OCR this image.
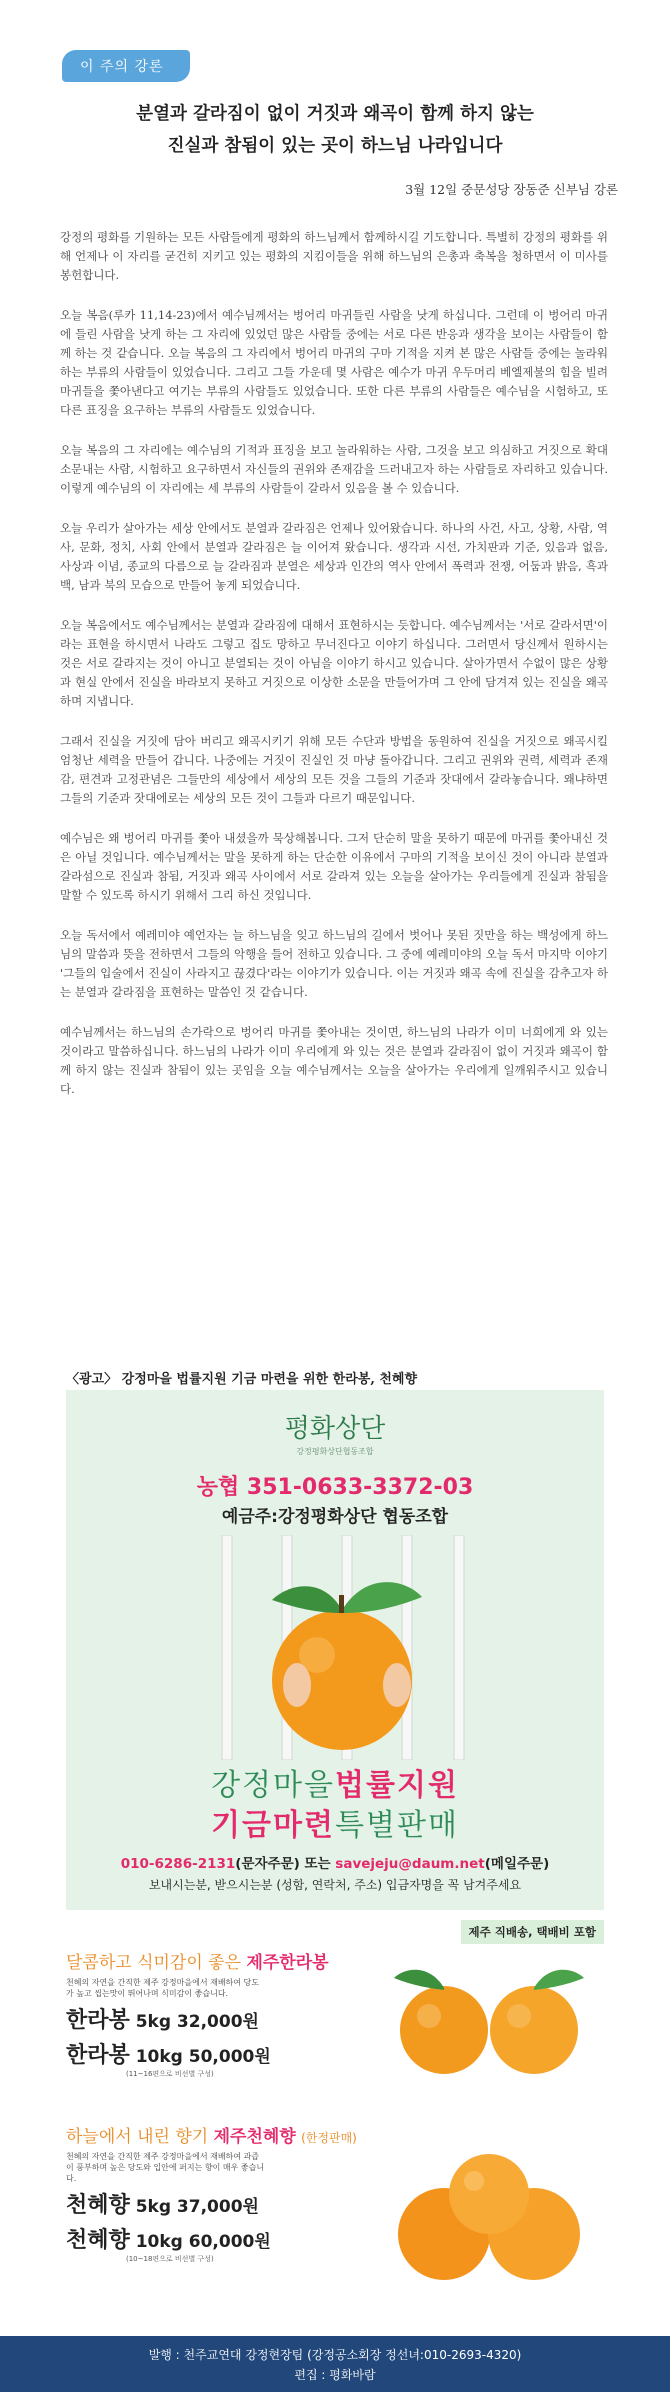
이 주의 강론
분열과 갈라짐이 없이 거짓과 왜곡이 함께 하지 않는
진실과 참됨이 있는 곳이 하느님 나라입니다
3월 12일 중문성당 장동준 신부님 강론

강정의 평화를 기원하는 모든 사람들에게 평화의 하느님께서 함께하시길 기도합니다. 특별히 강정의 평화를 위해 언제나 이 자리를 굳건히 지키고 있는 평화의 지킴이들을 위해 하느님의 은총과 축복을 청하면서 이 미사를 봉헌합니다.

오늘 복음(루카 11,14-23)에서 예수님께서는 벙어리 마귀들린 사람을 낫게 하십니다. 그런데 이 벙어리 마귀에 들린 사람을 낫게 하는 그 자리에 있었던 많은 사람들 중에는 서로 다른 반응과 생각을 보이는 사람들이 함께 하는 것 같습니다. 오늘 복음의 그 자리에서 벙어리 마귀의 구마 기적을 지켜 본 많은 사람들 중에는 놀라워하는 부류의 사람들이 있었습니다. 그리고 그들 가운데 몇 사람은 예수가 마귀 우두머리 베엘제불의 힘을 빌려 마귀들을 쫓아낸다고 여기는 부류의 사람들도 있었습니다. 또한 다른 부류의 사람들은 예수님을 시험하고, 또 다른 표징을 요구하는 부류의 사람들도 있었습니다.

오늘 복음의 그 자리에는 예수님의 기적과 표징을 보고 놀라워하는 사람, 그것을 보고 의심하고 거짓으로 확대 소문내는 사람, 시험하고 요구하면서 자신들의 권위와 존재감을 드러내고자 하는 사람들로 자리하고 있습니다. 이렇게 예수님의 이 자리에는 세 부류의 사람들이 갈라서 있음을 볼 수 있습니다.

오늘 우리가 살아가는 세상 안에서도 분열과 갈라짐은 언제나 있어왔습니다. 하나의 사건, 사고, 상황, 사람, 역사, 문화, 정치, 사회 안에서 분열과 갈라짐은 늘 이어져 왔습니다. 생각과 시선, 가치판과 기준, 있음과 없음, 사상과 이념, 종교의 다름으로 늘 갈라짐과 분열은 세상과 인간의 역사 안에서 폭력과 전쟁, 어둠과 밝음, 흑과 백, 남과 북의 모습으로 만들어 놓게 되었습니다.

오늘 복음에서도 예수님께서는 분열과 갈라짐에 대해서 표현하시는 듯합니다. 예수님께서는 '서로 갈라서면'이라는 표현을 하시면서 나라도 그렇고 집도 망하고 무너진다고 이야기 하십니다. 그러면서 당신께서 원하시는 것은 서로 갈라지는 것이 아니고 분열되는 것이 아님을 이야기 하시고 있습니다. 살아가면서 수없이 많은 상황과 현실 안에서 진실을 바라보지 못하고 거짓으로 이상한 소문을 만들어가며 그 안에 담겨져 있는 진실을 왜곡하며 지냅니다.

그래서 진실을 거짓에 담아 버리고 왜곡시키기 위해 모든 수단과 방법을 동원하여 진실을 거짓으로 왜곡시킬 엄청난 세력을 만들어 갑니다. 나중에는 거짓이 진실인 것 마냥 돌아갑니다. 그리고 권위와 권력, 세력과 존재감, 편견과 고정관념은 그들만의 세상에서 세상의 모든 것을 그들의 기준과 잣대에서 갈라놓습니다. 왜냐하면 그들의 기준과 잣대에로는 세상의 모든 것이 그들과 다르기 때문입니다.

예수님은 왜 벙어리 마귀를 쫓아 내셨을까 묵상해봅니다. 그저 단순히 말을 못하기 때문에 마귀를 쫓아내신 것은 아닐 것입니다. 예수님께서는 말을 못하게 하는 단순한 이유에서 구마의 기적을 보이신 것이 아니라 분열과 갈라섬으로 진실과 참됨, 거짓과 왜곡 사이에서 서로 갈라져 있는 오늘을 살아가는 우리들에게 진실과 참됨을 말할 수 있도록 하시기 위해서 그리 하신 것입니다.

오늘 독서에서 예레미야 예언자는 늘 하느님을 잊고 하느님의 길에서 벗어나 못된 짓만을 하는 백성에게 하느님의 말씀과 뜻을 전하면서 그들의 악행을 들어 전하고 있습니다. 그 중에 예레미야의 오늘 독서 마지막 이야기 '그들의 입술에서 진실이 사라지고 끊겼다'라는 이야기가 있습니다. 이는 거짓과 왜곡 속에 진실을 감추고자 하는 분열과 갈라짐을 표현하는 말씀인 것 같습니다.

예수님께서는 하느님의 손가락으로 벙어리 마귀를 쫓아내는 것이면, 하느님의 나라가 이미 너희에게 와 있는 것이라고 말씀하십니다. 하느님의 나라가 이미 우리에게 와 있는 것은 분열과 갈라짐이 없이 거짓과 왜곡이 함께 하지 않는 진실과 참됨이 있는 곳임을 오늘 예수님께서는 오늘을 살아가는 우리에게 일깨워주시고 있습니다.

〈광고〉 강정마을 법률지원 기금 마련을 위한 한라봉, 천혜향
평화상단
강정평화상단협동조합
농협 351-0633-3372-03
예금주:강정평화상단 협동조합
강정마을법률지원
기금마련특별판매
010-6286-2131(문자주문) 또는 savejeju@daum.net(메일주문)
보내시는분, 받으시는분 (성함, 연락처, 주소) 입금자명을 꼭 남겨주세요
제주 직배송, 택배비 포함
달콤하고 식미감이 좋은 제주한라봉
천혜의 자연을 간직한 제주 강정마을에서 재배하여 당도가 높고 씹는맛이 뛰어나며 식미감이 좋습니다.
한라봉 5kg 32,000원
한라봉 10kg 50,000원
(11~16편으로 비선별 구성)
하늘에서 내린 향기 제주천혜향 (한정판매)
천혜의 자연을 간직한 제주 강정마을에서 재배하여 과즙이 풍부하며 높은 당도와 입안에 퍼지는 향이 매우 좋습니다.
천혜향 5kg 37,000원
천혜향 10kg 60,000원
(10~18편으로 비선별 구성)
발행 : 천주교연대 강정현장팀 (강정공소회장 정선녀:010-2693-4320)
편집 : 평화바람
